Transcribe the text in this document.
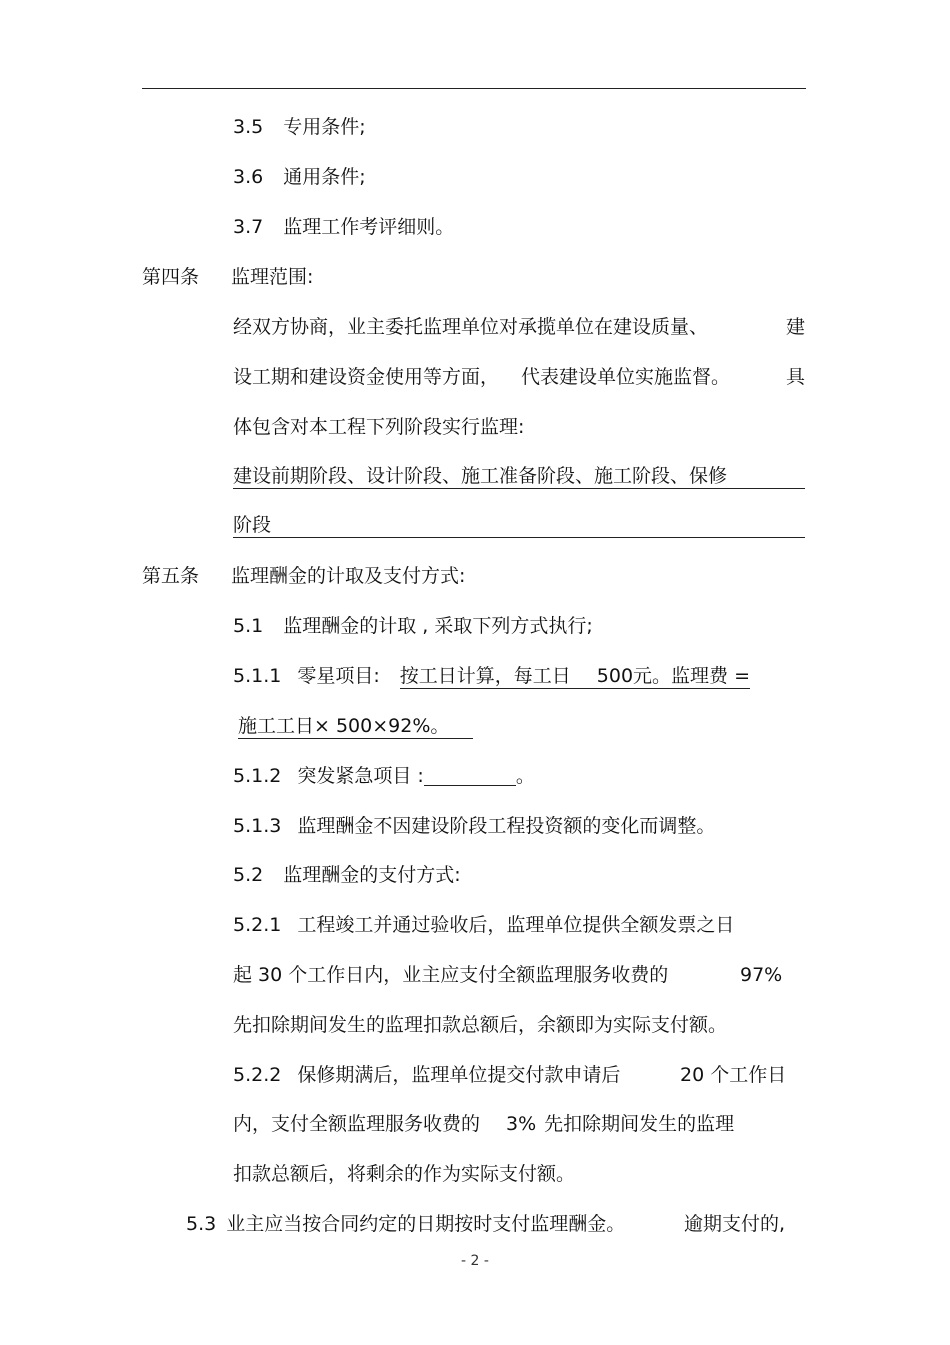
3.5 专用条件;
3.6 通用条件;
3.7 监理工作考评细则。
第四条 监理范围:
经双方协商，业主委托监理单位对承揽单位在建设质量、	建
设工期和建设资金使用等方面， 代表建设单位实施监督。	具
体包含对本工程下列阶段实行监理:
建设前期阶段、设计阶段、施工准备阶段、施工阶段、保修
阶段
第五条 监理酬金的计取及支付方式:
5.1 监理酬金的计取 , 采取下列方式执行;
5.1.1 零星项目: 按工日计算，每工日 500元。监理费 =
施工工日× 500×92%。
5.1.2 突发紧急项目 :	。
5.1.3 监理酬金不因建设阶段工程投资额的变化而调整。
5.2 监理酬金的支付方式:
5.2.1 工程竣工并通过验收后，监理单位提供全额发票之日
起 30 个工作日内，业主应支付全额监理服务收费的	97%
先扣除期间发生的监理扣款总额后，余额即为实际支付额。
5.2.2 保修期满后，监理单位提交付款申请后	20 个工作日
内，支付全额监理服务收费的 3% 先扣除期间发生的监理
扣款总额后，将剩余的作为实际支付额。
5.3 业主应当按合同约定的日期按时支付监理酬金。	逾期支付的,
- 2 -
